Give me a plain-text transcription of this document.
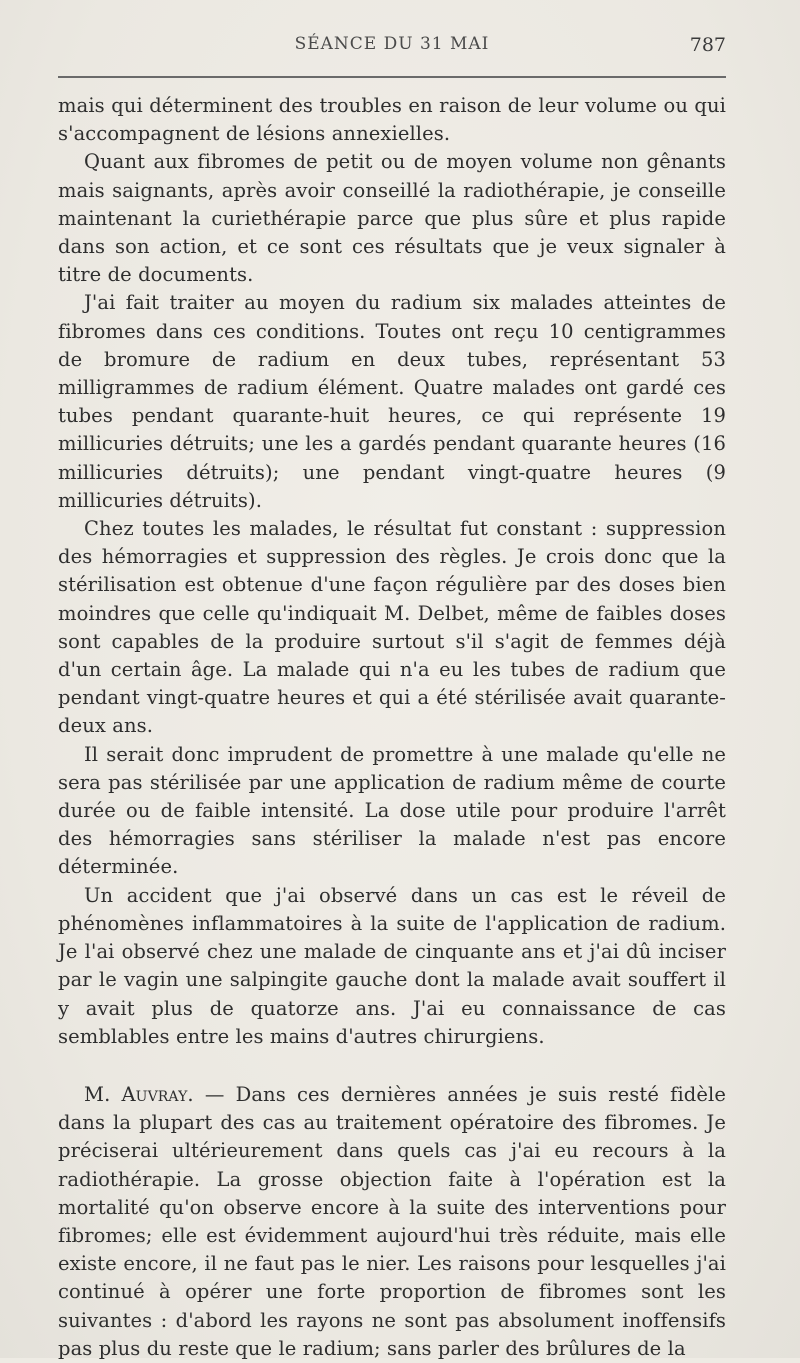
SÉANCE DU 31 MAI	787

mais qui déterminent des troubles en raison de leur volume ou qui s'accompagnent de lésions annexielles.

Quant aux fibromes de petit ou de moyen volume non gênants mais saignants, après avoir conseillé la radiothérapie, je conseille maintenant la curiethérapie parce que plus sûre et plus rapide dans son action, et ce sont ces résultats que je veux signaler à titre de documents.

J'ai fait traiter au moyen du radium six malades atteintes de fibromes dans ces conditions. Toutes ont reçu 10 centigrammes de bromure de radium en deux tubes, représentant 53 milligrammes de radium élément. Quatre malades ont gardé ces tubes pendant quarante-huit heures, ce qui représente 19 millicuries détruits; une les a gardés pendant quarante heures (16 millicuries détruits); une pendant vingt-quatre heures (9 millicuries détruits).

Chez toutes les malades, le résultat fut constant : suppression des hémorragies et suppression des règles. Je crois donc que la stérilisation est obtenue d'une façon régulière par des doses bien moindres que celle qu'indiquait M. Delbet, même de faibles doses sont capables de la produire surtout s'il s'agit de femmes déjà d'un certain âge. La malade qui n'a eu les tubes de radium que pendant vingt-quatre heures et qui a été stérilisée avait quarante-deux ans.

Il serait donc imprudent de promettre à une malade qu'elle ne sera pas stérilisée par une application de radium même de courte durée ou de faible intensité. La dose utile pour produire l'arrêt des hémorragies sans stériliser la malade n'est pas encore déterminée.

Un accident que j'ai observé dans un cas est le réveil de phénomènes inflammatoires à la suite de l'application de radium. Je l'ai observé chez une malade de cinquante ans et j'ai dû inciser par le vagin une salpingite gauche dont la malade avait souffert il y avait plus de quatorze ans. J'ai eu connaissance de cas semblables entre les mains d'autres chirurgiens.

M. Auvray. — Dans ces dernières années je suis resté fidèle dans la plupart des cas au traitement opératoire des fibromes. Je préciserai ultérieurement dans quels cas j'ai eu recours à la radiothérapie. La grosse objection faite à l'opération est la mortalité qu'on observe encore à la suite des interventions pour fibromes; elle est évidemment aujourd'hui très réduite, mais elle existe encore, il ne faut pas le nier. Les raisons pour lesquelles j'ai continué à opérer une forte proportion de fibromes sont les suivantes : d'abord les rayons ne sont pas absolument inoffensifs pas plus du reste que le radium; sans parler des brûlures de la
